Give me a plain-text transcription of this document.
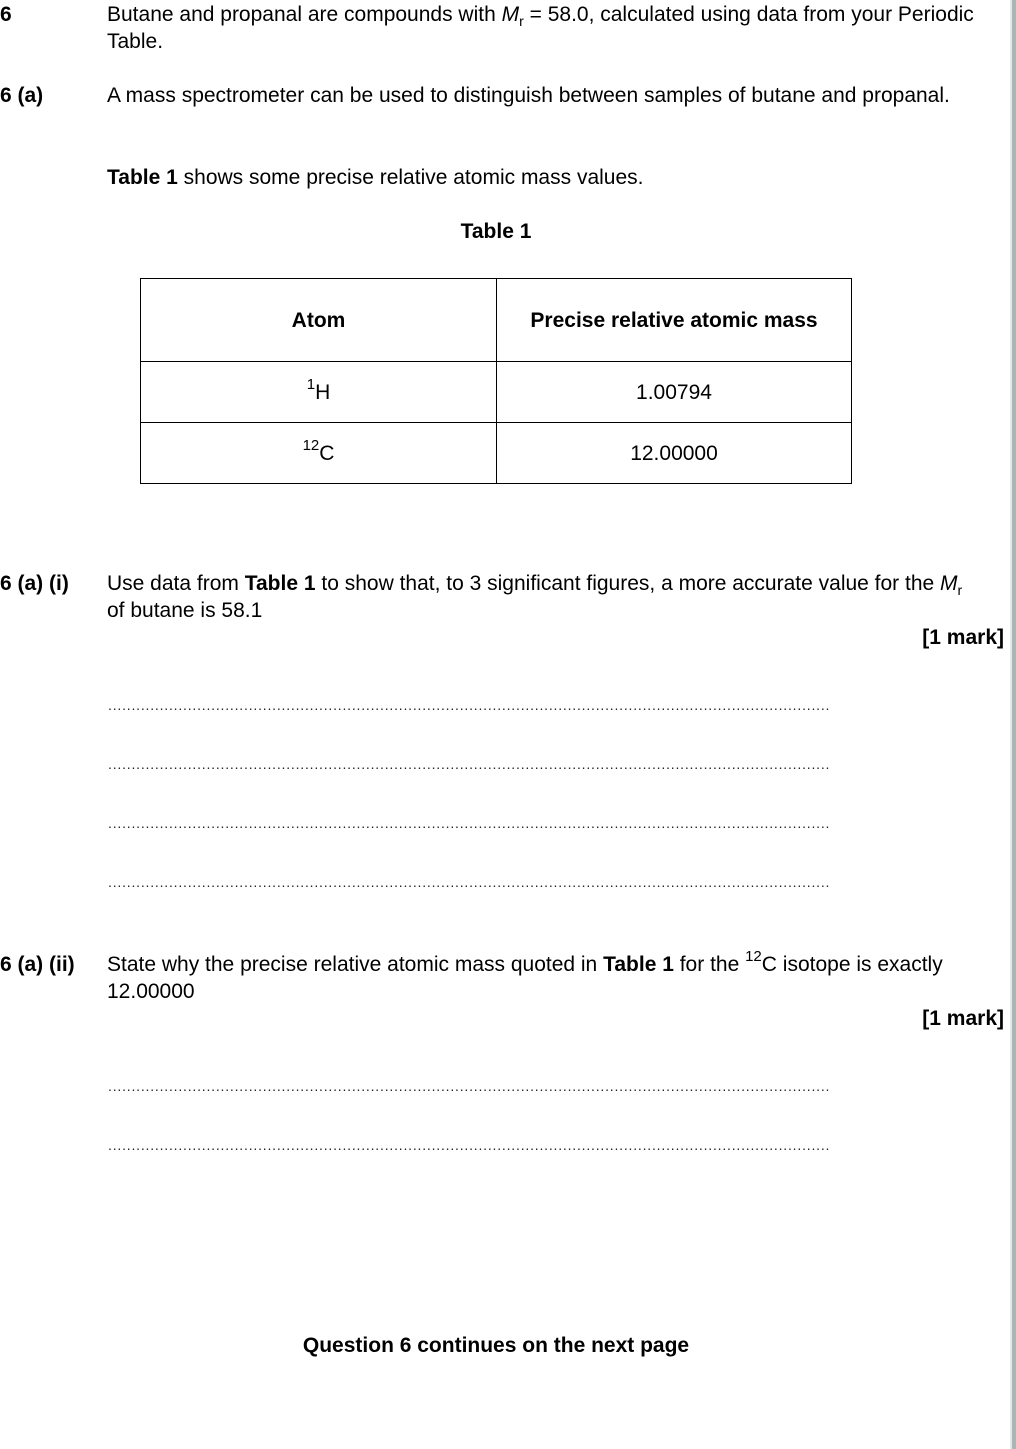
6	Butane and propanal are compounds with $M_r = 58.0$, calculated using data from your Periodic Table.
6 (a)	A mass spectrometer can be used to distinguish between samples of butane and propanal.
Table 1 shows some precise relative atomic mass values.
Table 1
Atom	Precise relative atomic mass
$^1$H	1.00794
$^{12}$C	12.00000
6 (a) (i) Use data from Table 1 to show that, to 3 significant figures, a more accurate value for the $M_r$ of butane is 58.1
[1 mark]
..........................................................................................................................................................
..........................................................................................................................................................
..........................................................................................................................................................
..........................................................................................................................................................
6 (a) (ii) State why the precise relative atomic mass quoted in Table 1 for the $^{12}$C isotope is exactly 12.00000
[1 mark]
..........................................................................................................................................................
..........................................................................................................................................................
Question 6 continues on the next page
